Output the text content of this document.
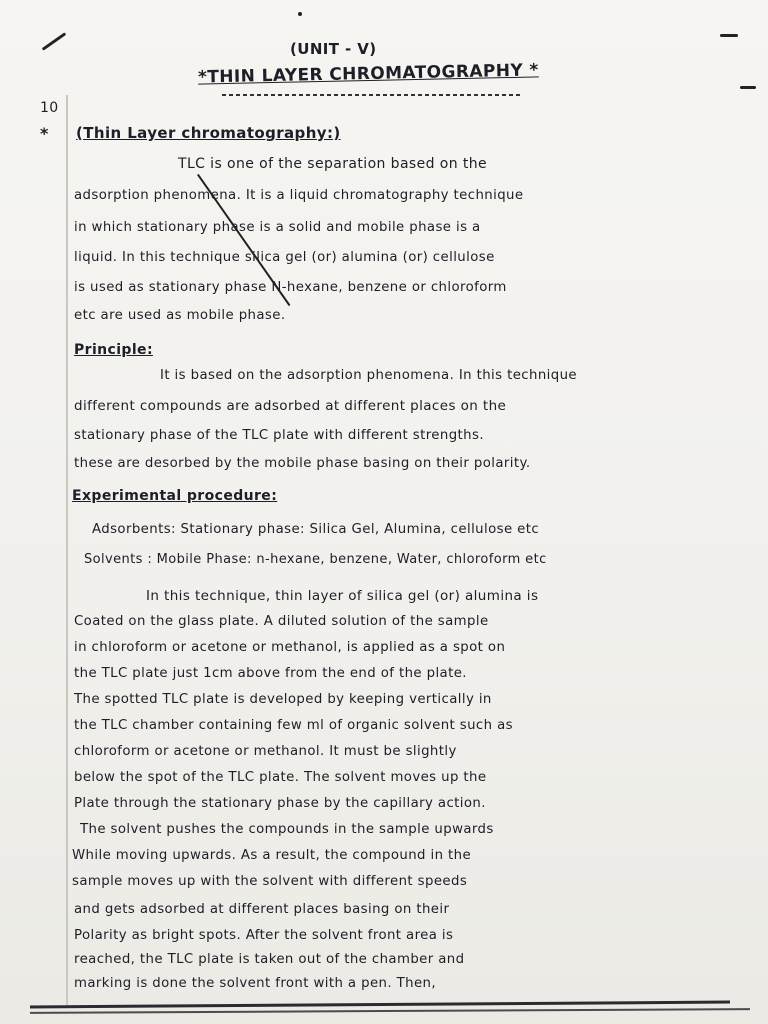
(UNIT - V)
*THIN LAYER CHROMATOGRAPHY *
10
* (Thin Layer chromatography:)
TLC is one of the separation based on the
adsorption phenomena. It is a liquid chromatography technique
in which stationary phase is a solid and mobile phase is a
liquid. In this technique silica gel (or) alumina (or) cellulose
is used as stationary phase N-hexane, benzene or chloroform
etc are used as mobile phase.
Principle:
It is based on the adsorption phenomena. In this technique
different compounds are adsorbed at different places on the
stationary phase of the TLC plate with different strengths.
these are desorbed by the mobile phase basing on their polarity.
Experimental procedure:
Adsorbents: Stationary phase: Silica Gel, Alumina, cellulose etc
Solvents : Mobile Phase: n-hexane, benzene, Water, chloroform etc
In this technique, thin layer of silica gel (or) alumina is
Coated on the glass plate. A diluted solution of the sample
in chloroform or acetone or methanol, is applied as a spot on
the TLC plate just 1cm above from the end of the plate.
The spotted TLC plate is developed by keeping vertically in
the TLC chamber containing few ml of organic solvent such as
chloroform or acetone or methanol. It must be slightly
below the spot of the TLC plate. The solvent moves up the
Plate through the stationary phase by the capillary action.
The solvent pushes the compounds in the sample upwards
While moving upwards. As a result, the compound in the
sample moves up with the solvent with different speeds
and gets adsorbed at different places basing on their
Polarity as bright spots. After the solvent front area is
reached, the TLC plate is taken out of the chamber and
marking is done the solvent front with a pen. Then,
